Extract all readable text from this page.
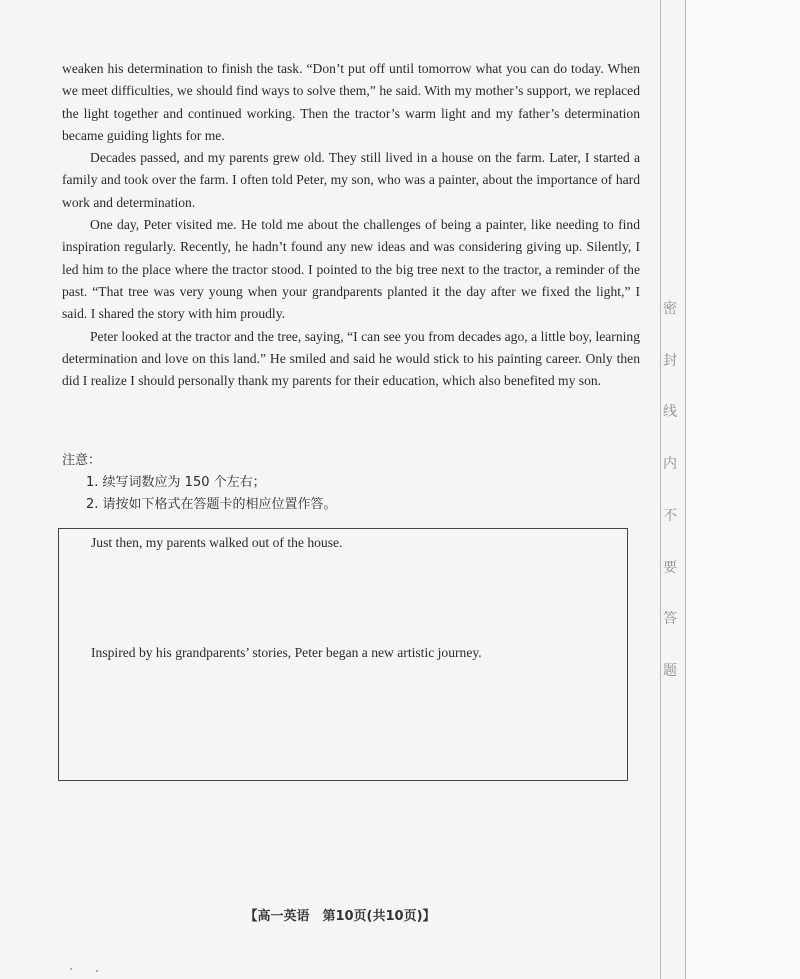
密
封
线
内
不
要
答
题

weaken his determination to finish the task. “Don’t put off until tomorrow what you can do today. When we meet difficulties, we should find ways to solve them,” he said. With my mother’s support, we replaced the light together and continued working. Then the tractor’s warm light and my father’s determination became guiding lights for me.

Decades passed, and my parents grew old. They still lived in a house on the farm. Later, I started a family and took over the farm. I often told Peter, my son, who was a painter, about the importance of hard work and determination.

One day, Peter visited me. He told me about the challenges of being a painter, like needing to find inspiration regularly. Recently, he hadn’t found any new ideas and was considering giving up. Silently, I led him to the place where the tractor stood. I pointed to the big tree next to the tractor, a reminder of the past. “That tree was very young when your grandparents planted it the day after we fixed the light,” I said. I shared the story with him proudly.

Peter looked at the tractor and the tree, saying, “I can see you from decades ago, a little boy, learning determination and love on this land.” He smiled and said he would stick to his painting career. Only then did I realize I should personally thank my parents for their education, which also benefited my son.

注意：
1. 续写词数应为 150 个左右；
2. 请按如下格式在答题卡的相应位置作答。
Just then, my parents walked out of the house.
Inspired by his grandparents’ stories, Peter began a new artistic journey.
【高一英语　第10页(共10页)】
